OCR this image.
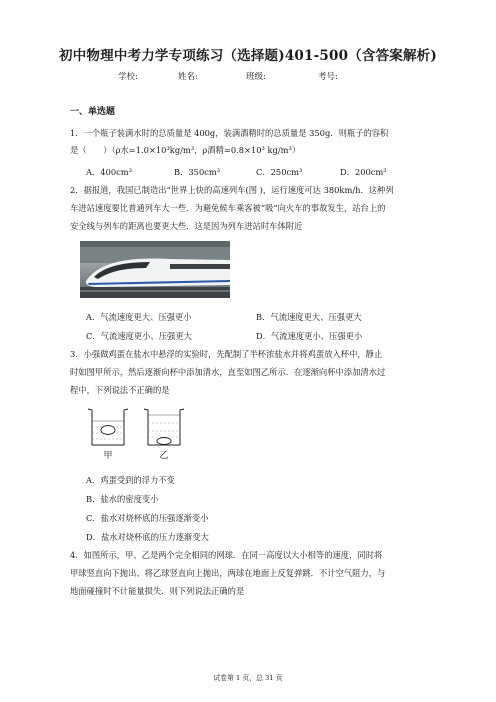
初中物理中考力学专项练习（选择题)401-500（含答案解析)
学校:	姓名:	班级:	考号:
一、单选题
1．一个瓶子装满水时的总质量是 400g，装满酒精时的总质量是 350g．则瓶子的容积
是（　　）（ρ水=1.0×10³kg/m³，ρ酒精=0.8×10³ kg/m³）
A．400cm³	B．350cm³	C．250cm³	D．200cm³
2．据报道，我国已制造出“世界上快的高速列车(图 )，运行速度可达 380km/h．这种列
车进站速度要比普通列车大一些．为避免候车乘客被“吸”向火车的事故发生，站台上的
安全线与列车的距离也要更大些．这是因为列车进站时车体附近
A．气流速度更大、压强更小	B．气流速度更大、压强更大
C．气流速度更小、压强更大	D．气流速度更小、压强更小
3．小强做鸡蛋在盐水中悬浮的实验时，先配制了半杯浓盐水并将鸡蛋放入杯中，静止
时如图甲所示，然后逐渐向杯中添加清水，直至如图乙所示．在逐渐向杯中添加清水过
程中，下列说法不正确的是
甲	乙
A．鸡蛋受到的浮力不变
B．盐水的密度变小
C．盐水对烧杯底的压强逐渐变小
D．盐水对烧杯底的压力逐渐变大
4．如图所示，甲、乙是两个完全相同的网球．在同一高度以大小相等的速度，同时将
甲球竖直向下抛出、将乙球竖直向上抛出，两球在地面上反复弹跳．不计空气阻力，与
地面碰撞时不计能量损失．则下列说法正确的是
试卷第 1 页，总 31 页
